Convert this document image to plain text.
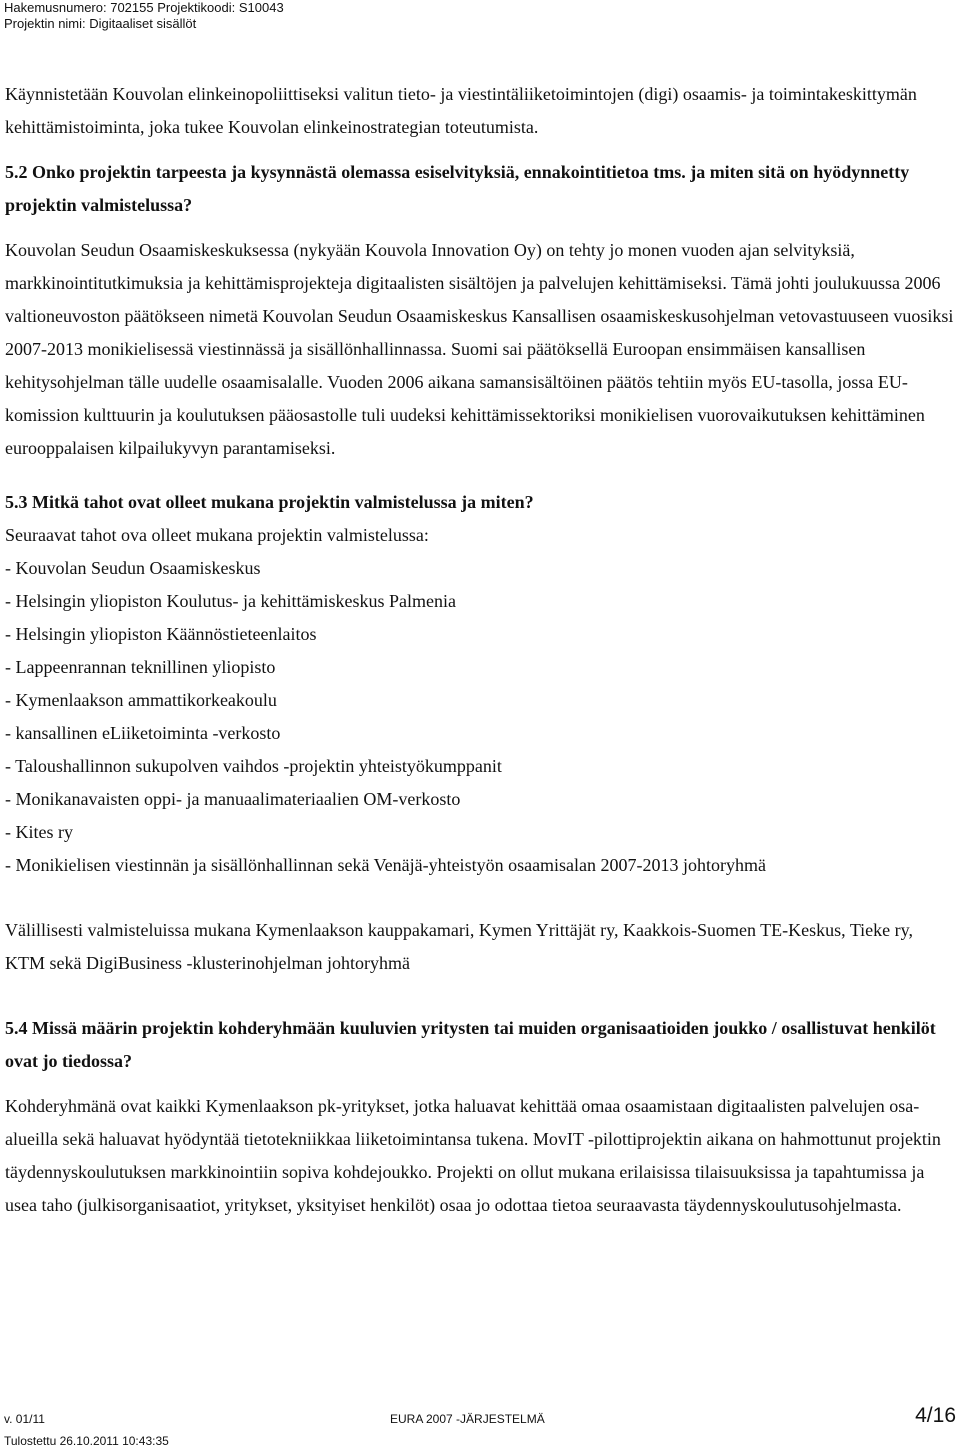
Hakemusnumero: 702155 Projektikoodi: S10043
Projektin nimi: Digitaaliset sisällöt

Käynnistetään Kouvolan elinkeinopoliittiseksi valitun tieto- ja viestintäliiketoimintojen (digi) osaamis- ja toimintakeskittymän kehittämistoiminta, joka tukee Kouvolan elinkeinostrategian toteutumista.

5.2 Onko projektin tarpeesta ja kysynnästä olemassa esiselvityksiä, ennakointitietoa tms. ja miten sitä on hyödynnetty projektin valmistelussa?

Kouvolan Seudun Osaamiskeskuksessa (nykyään Kouvola Innovation Oy) on tehty jo monen vuoden ajan selvityksiä, markkinointitutkimuksia ja kehittämisprojekteja digitaalisten sisältöjen ja palvelujen kehittämiseksi. Tämä johti joulukuussa 2006 valtioneuvoston päätökseen nimetä Kouvolan Seudun Osaamiskeskus Kansallisen osaamiskeskusohjelman vetovastuuseen vuosiksi 2007-2013 monikielisessä viestinnässä ja sisällönhallinnassa. Suomi sai päätöksellä Euroopan ensimmäisen kansallisen kehitysohjelman tälle uudelle osaamisalalle. Vuoden 2006 aikana samansisältöinen päätös tehtiin myös EU-tasolla, jossa EU-komission kulttuurin ja koulutuksen pääosastolle tuli uudeksi kehittämissektoriksi monikielisen vuorovaikutuksen kehittäminen eurooppalaisen kilpailukyvyn parantamiseksi.

5.3 Mitkä tahot ovat olleet mukana projektin valmistelussa ja miten?

Seuraavat tahot ova olleet mukana projektin valmistelussa:

- Kouvolan Seudun Osaamiskeskus
- Helsingin yliopiston Koulutus- ja kehittämiskeskus Palmenia
- Helsingin yliopiston Käännöstieteenlaitos
- Lappeenrannan teknillinen yliopisto
- Kymenlaakson ammattikorkeakoulu
- kansallinen eLiiketoiminta -verkosto
- Taloushallinnon sukupolven vaihdos -projektin yhteistyökumppanit
- Monikanavaisten oppi- ja manuaalimateriaalien OM-verkosto
- Kites ry
- Monikielisen viestinnän ja sisällönhallinnan sekä Venäjä-yhteistyön osaamisalan 2007-2013 johtoryhmä

Välillisesti valmisteluissa mukana Kymenlaakson kauppakamari, Kymen Yrittäjät ry, Kaakkois-Suomen TE-Keskus, Tieke ry, KTM sekä DigiBusiness -klusterinohjelman johtoryhmä

5.4 Missä määrin projektin kohderyhmään kuuluvien yritysten tai muiden organisaatioiden joukko / osallistuvat henkilöt ovat jo tiedossa?

Kohderyhmänä ovat kaikki Kymenlaakson pk-yritykset, jotka haluavat kehittää omaa osaamistaan digitaalisten palvelujen osa-alueilla sekä haluavat hyödyntää tietotekniikkaa liiketoimintansa tukena. MovIT -pilottiprojektin aikana on hahmottunut projektin täydennyskoulutuksen markkinointiin sopiva kohdejoukko. Projekti on ollut mukana erilaisissa tilaisuuksissa ja tapahtumissa ja usea taho (julkisorganisaatiot, yritykset, yksityiset henkilöt) osaa jo odottaa tietoa seuraavasta täydennyskoulutusohjelmasta.

v. 01/11	EURA 2007 -JÄRJESTELMÄ	4/16
Tulostettu 26.10.2011 10:43:35
